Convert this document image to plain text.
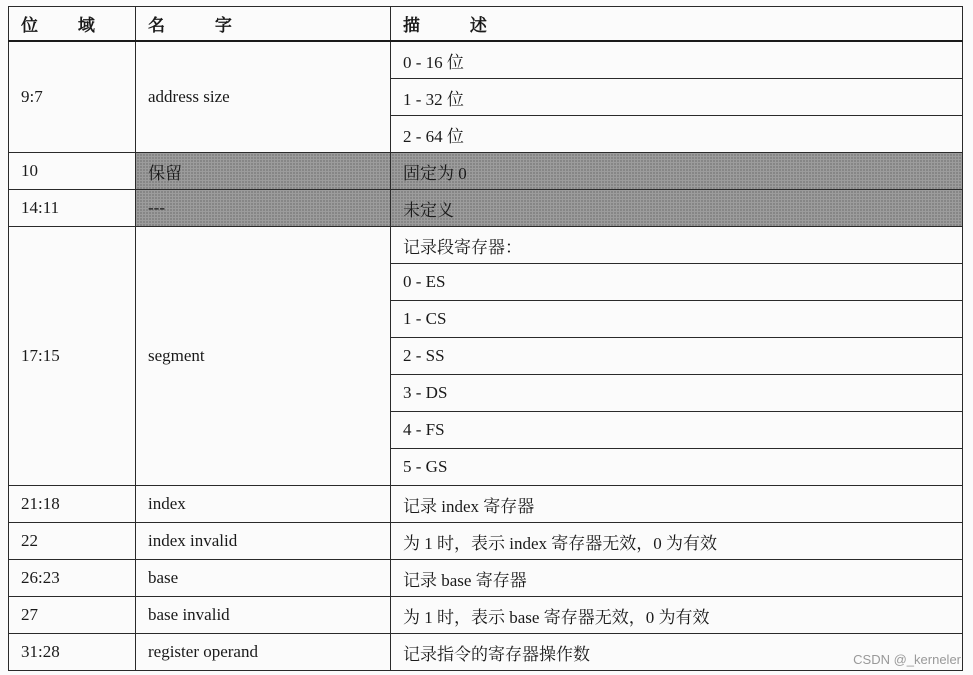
位 域	名 字	描 述
9:7	address size	0 - 16 位
		1 - 32 位
		2 - 64 位
10	保留	固定为 0
14:11	---	未定义
17:15	segment	记录段寄存器：
		0 - ES
		1 - CS
		2 - SS
		3 - DS
		4 - FS
		5 - GS
21:18	index	记录 index 寄存器
22	index invalid	为 1 时，表示 index 寄存器无效，0 为有效
26:23	base	记录 base 寄存器
27	base invalid	为 1 时，表示 base 寄存器无效，0 为有效
31:28	register operand	记录指令的寄存器操作数	CSDN @_kerneler
